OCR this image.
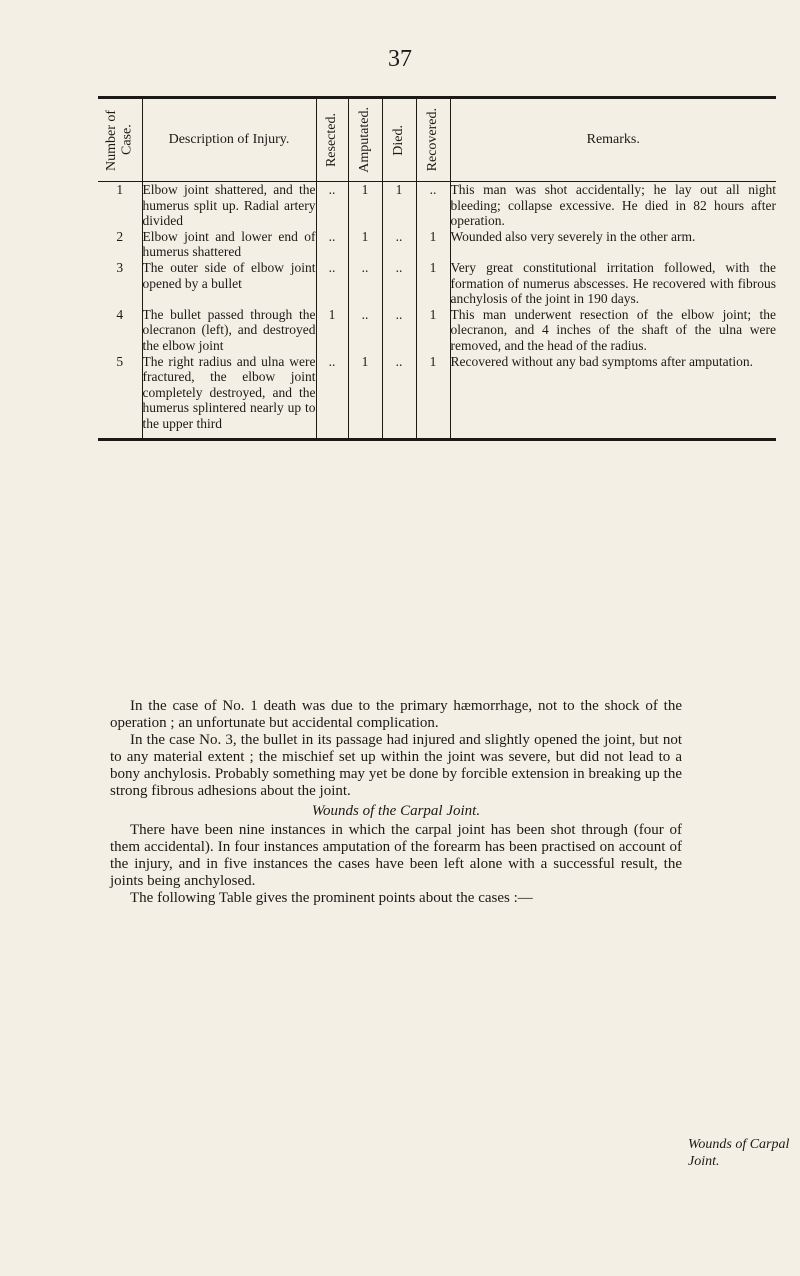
37
Number of Case.	Description of Injury.	Resected.	Amputated.	Died.	Recovered.	Remarks.

1	Elbow joint shattered, and the humerus split up. Radial artery divided	..	1	1	..	This man was shot accidentally; he lay out all night bleeding; collapse excessive. He died in 82 hours after operation.
2	Elbow joint and lower end of humerus shattered	..	1	..	1	Wounded also very severely in the other arm.
3	The outer side of elbow joint opened by a bullet	..	..	..	1	Very great constitutional irritation followed, with the formation of numerus abscesses. He recovered with fibrous anchylosis of the joint in 190 days.
4	The bullet passed through the olecranon (left), and destroyed the elbow joint	1	..	..	1	This man underwent resection of the elbow joint; the olecranon, and 4 inches of the shaft of the ulna were removed, and the head of the radius.
5	The right radius and ulna were fractured, the elbow joint completely destroyed, and the humerus splintered nearly up to the upper third	..	1	..	1	Recovered without any bad symptoms after amputation.

In the case of No. 1 death was due to the primary hæmorrhage, not to the shock of the operation ; an unfortunate but accidental complication.

In the case No. 3, the bullet in its passage had injured and slightly opened the joint, but not to any material extent ; the mischief set up within the joint was severe, but did not lead to a bony anchylosis. Probably something may yet be done by forcible extension in breaking up the strong fibrous adhesions about the joint.

Wounds of the Carpal Joint.

There have been nine instances in which the carpal joint has been shot through (four of them accidental). In four instances amputation of the forearm has been practised on account of the injury, and in five instances the cases have been left alone with a successful result, the joints being anchylosed.

The following Table gives the prominent points about the cases :—

Wounds of Carpal Joint.
